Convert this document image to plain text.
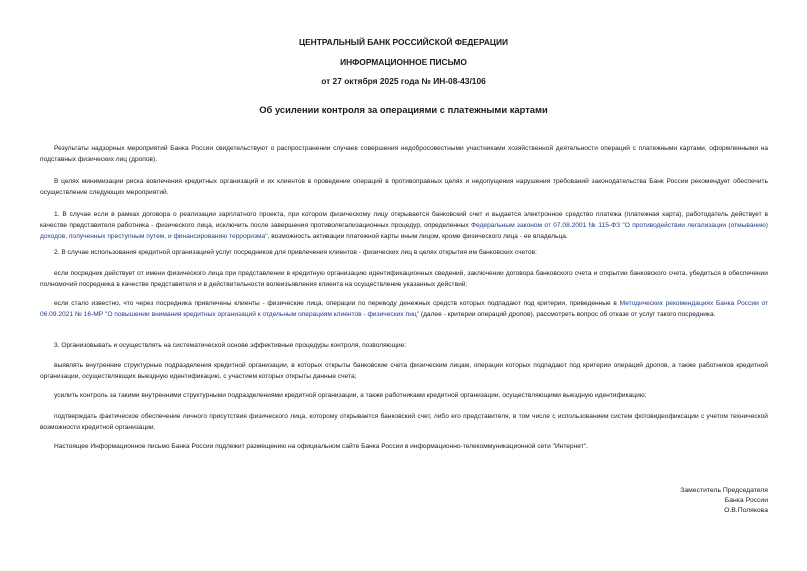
ЦЕНТРАЛЬНЫЙ БАНК РОССИЙСКОЙ ФЕДЕРАЦИИ
ИНФОРМАЦИОННОЕ ПИСЬМО
от 27 октября 2025 года № ИН-08-43/106
Об усилении контроля за операциями с платежными картами

Результаты надзорных мероприятий Банка России свидетельствуют о распространении случаев совершения недобросовестными участниками хозяйственной деятельности операций с платежными картами, оформленными на подставных физических лиц (дропов).

В целях минимизации риска вовлечения кредитных организаций и их клиентов в проведение операций в противоправных целях и недопущения нарушения требований законодательства Банк России рекомендует обеспечить осуществление следующих мероприятий.

1. В случае если в рамках договора о реализации зарплатного проекта, при котором физическому лицу открывается банковский счет и выдается электронное средство платежа (платежная карта), работодатель действует в качестве представителя работника - физического лица, исключить после завершения противолегализационных процедур, определенных Федеральным законом от 07.08.2001 № 115-ФЗ "О противодействии легализации (отмыванию) доходов, полученных преступным путем, и финансированию терроризма", возможность активации платежной карты иным лицом, кроме физического лица - ее владельца.

2. В случае использования кредитной организацией услуг посредников для привлечения клиентов - физических лиц в целях открытия им банковских счетов:

если посредник действует от имени физического лица при представлении в кредитную организацию идентификационных сведений, заключении договора банковского счета и открытии банковского счета, убедиться в обеспечении полномочий посредника в качестве представителя и в действительности волеизъявления клиента на осуществление указанных действий;

если стало известно, что через посредника привлечены клиенты - физические лица, операции по переводу денежных средств которых подпадают под критерии, приведенные в Методических рекомендациях Банка России от 06.09.2021 № 16-МР "О повышении внимания кредитных организаций к отдельным операциям клиентов - физических лиц" (далее - критерии операций дропов), рассмотреть вопрос об отказе от услуг такого посредника.

3. Организовывать и осуществлять на систематической основе эффективные процедуры контроля, позволяющие:

выявлять внутренние структурные подразделения кредитной организации, в которых открыты банковские счета физическим лицам, операции которых подпадают под критерии операций дропов, а также работников кредитной организации, осуществляющих выездную идентификацию, с участием которых открыты данные счета;

усилить контроль за такими внутренними структурными подразделениями кредитной организации, а также работниками кредитной организации, осуществляющими выездную идентификацию;

подтверждать фактическое обеспечение личного присутствия физического лица, которому открывается банковский счет, либо его представителя, в том числе с использованием систем фотовидеофиксации с учетом технической возможности кредитной организации.

Настоящее Информационное письмо Банка России подлежит размещению на официальном сайте Банка России в информационно-телекоммуникационной сети "Интернет".

Заместитель Председателя
Банка России
О.В.Полякова
